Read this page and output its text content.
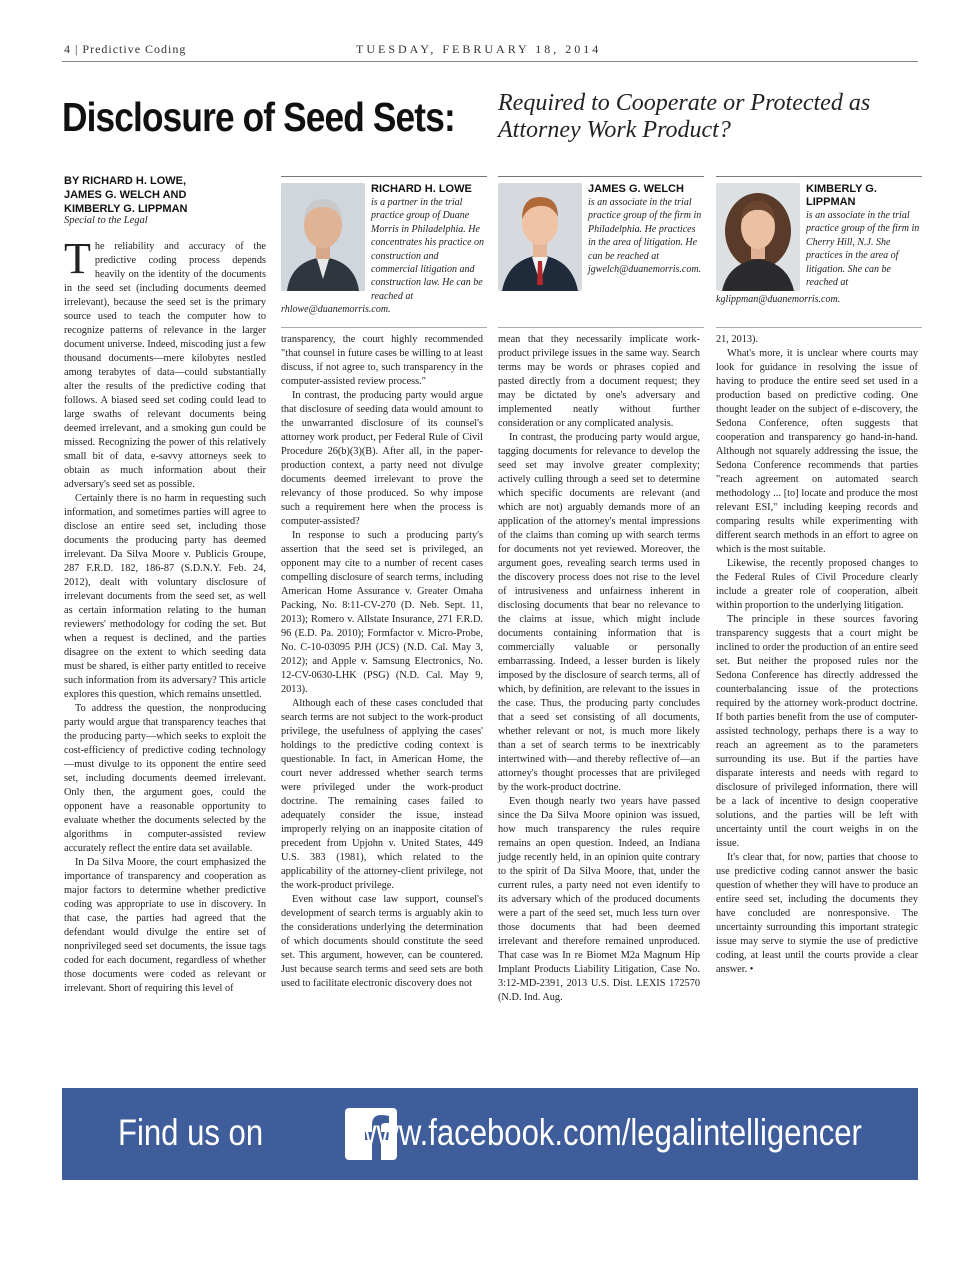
4 | Predictive Coding	TUESDAY, FEBRUARY 18, 2014
Disclosure of Seed Sets: Required to Cooperate or Protected as Attorney Work Product?
BY RICHARD H. LOWE,
JAMES G. WELCH AND
KIMBERLY G. LIPPMAN
Special to the Legal

The reliability and accuracy of the predictive coding process depends heavily on the identity of the documents in the seed set (including documents deemed irrelevant), because the seed set is the primary source used to teach the computer how to recognize patterns of relevance in the larger document universe. Indeed, miscoding just a few thousand documents—mere kilobytes nestled among terabytes of data—could substantially alter the results of the predictive coding that follows. A biased seed set coding could lead to large swaths of relevant documents being deemed irrelevant, and a smoking gun could be missed. Recognizing the power of this relatively small bit of data, e-savvy attorneys seek to obtain as much information about their adversary's seed set as possible.

Certainly there is no harm in requesting such information, and sometimes parties will agree to disclose an entire seed set, including those documents the producing party has deemed irrelevant. Da Silva Moore v. Publicis Groupe, 287 F.R.D. 182, 186-87 (S.D.N.Y. Feb. 24, 2012), dealt with voluntary disclosure of irrelevant documents from the seed set, as well as certain information relating to the human reviewers' methodology for coding the set. But when a request is declined, and the parties disagree on the extent to which seeding data must be shared, is either party entitled to receive such information from its adversary? This article explores this question, which remains unsettled.

To address the question, the nonproducing party would argue that transparency teaches that the producing party—which seeks to exploit the cost-efficiency of predictive coding technology—must divulge to its opponent the entire seed set, including documents deemed irrelevant. Only then, the argument goes, could the opponent have a reasonable opportunity to evaluate whether the documents selected by the algorithms in computer-assisted review accurately reflect the entire data set available.

In Da Silva Moore, the court emphasized the importance of transparency and cooperation as major factors to determine whether predictive coding was appropriate to use in discovery. In that case, the parties had agreed that the defendant would divulge the entire set of nonprivileged seed set documents, the issue tags coded for each document, regardless of whether those documents were coded as relevant or irrelevant. Short of requiring this level of

RICHARD H. LOWE
is a partner in the trial practice group of Duane Morris in Philadelphia. He concentrates his practice on construction and commercial litigation and construction law. He can be reached at rhlowe@duanemorris.com.
JAMES G. WELCH
is an associate in the trial practice group of the firm in Philadelphia. He practices in the area of litigation. He can be reached at jgwelch@duanemorris.com.
KIMBERLY G. LIPPMAN
is an associate in the trial practice group of the firm in Cherry Hill, N.J. She practices in the area of litigation. She can be reached at kglippman@duanemorris.com.

transparency, the court highly recommended "that counsel in future cases be willing to at least discuss, if not agree to, such transparency in the computer-assisted review process."

In contrast, the producing party would argue that disclosure of seeding data would amount to the unwarranted disclosure of its counsel's attorney work product, per Federal Rule of Civil Procedure 26(b)(3)(B). After all, in the paper-production context, a party need not divulge documents deemed irrelevant to prove the relevancy of those produced. So why impose such a requirement here when the process is computer-assisted?

In response to such a producing party's assertion that the seed set is privileged, an opponent may cite to a number of recent cases compelling disclosure of search terms, including American Home Assurance v. Greater Omaha Packing, No. 8:11-CV-270 (D. Neb. Sept. 11, 2013); Romero v. Allstate Insurance, 271 F.R.D. 96 (E.D. Pa. 2010); Formfactor v. Micro-Probe, No. C-10-03095 PJH (JCS) (N.D. Cal. May 3, 2012); and Apple v. Samsung Electronics, No. 12-CV-0630-LHK (PSG) (N.D. Cal. May 9, 2013).

Although each of these cases concluded that search terms are not subject to the work-product privilege, the usefulness of applying the cases' holdings to the predictive coding context is questionable. In fact, in American Home, the court never addressed whether search terms were privileged under the work-product doctrine. The remaining cases failed to adequately consider the issue, instead improperly relying on an inapposite citation of precedent from Upjohn v. United States, 449 U.S. 383 (1981), which related to the applicability of the attorney-client privilege, not the work-product privilege.

Even without case law support, counsel's development of search terms is arguably akin to the considerations underlying the determination of which documents should constitute the seed set. This argument, however, can be countered. Just because search terms and seed sets are both used to facilitate electronic discovery does not

mean that they necessarily implicate work-product privilege issues in the same way. Search terms may be words or phrases copied and pasted directly from a document request; they may be dictated by one's adversary and implemented neatly without further consideration or any complicated analysis.

In contrast, the producing party would argue, tagging documents for relevance to develop the seed set may involve greater complexity; actively culling through a seed set to determine which specific documents are relevant (and which are not) arguably demands more of an application of the attorney's mental impressions of the claims than coming up with search terms for documents not yet reviewed. Moreover, the argument goes, revealing search terms used in the discovery process does not rise to the level of intrusiveness and unfairness inherent in disclosing documents that bear no relevance to the claims at issue, which might include documents containing information that is commercially valuable or personally embarrassing. Indeed, a lesser burden is likely imposed by the disclosure of search terms, all of which, by definition, are relevant to the issues in the case. Thus, the producing party concludes that a seed set consisting of all documents, whether relevant or not, is much more likely than a set of search terms to be inextricably intertwined with—and thereby reflective of—an attorney's thought processes that are privileged by the work-product doctrine.

Even though nearly two years have passed since the Da Silva Moore opinion was issued, how much transparency the rules require remains an open question. Indeed, an Indiana judge recently held, in an opinion quite contrary to the spirit of Da Silva Moore, that, under the current rules, a party need not even identify to its adversary which of the produced documents were a part of the seed set, much less turn over those documents that had been deemed irrelevant and therefore remained unproduced. That case was In re Biomet M2a Magnum Hip Implant Products Liability Litigation, Case No. 3:12-MD-2391, 2013 U.S. Dist. LEXIS 172570 (N.D. Ind. Aug.

21, 2013).

What's more, it is unclear where courts may look for guidance in resolving the issue of having to produce the entire seed set used in a production based on predictive coding. One thought leader on the subject of e-discovery, the Sedona Conference, often suggests that cooperation and transparency go hand-in-hand. Although not squarely addressing the issue, the Sedona Conference recommends that parties "reach agreement on automated search methodology ... [to] locate and produce the most relevant ESI," including keeping records and comparing results while experimenting with different search methods in an effort to agree on which is the most suitable.

Likewise, the recently proposed changes to the Federal Rules of Civil Procedure clearly include a greater role of cooperation, albeit within proportion to the underlying litigation.

The principle in these sources favoring transparency suggests that a court might be inclined to order the production of an entire seed set. But neither the proposed rules nor the Sedona Conference has directly addressed the counterbalancing issue of the protections required by the attorney work-product doctrine. If both parties benefit from the use of computer-assisted technology, perhaps there is a way to reach an agreement as to the parameters surrounding its use. But if the parties have disparate interests and needs with regard to disclosure of privileged information, there will be a lack of incentive to design cooperative solutions, and the parties will be left with uncertainty until the court weighs in on the issue.

It's clear that, for now, parties that choose to use predictive coding cannot answer the basic question of whether they will have to produce an entire seed set, including the documents they have concluded are nonresponsive. The uncertainty surrounding this important strategic issue may serve to stymie the use of predictive coding, at least until the courts provide a clear answer. •

Find us on www.facebook.com/legalintelligencer
